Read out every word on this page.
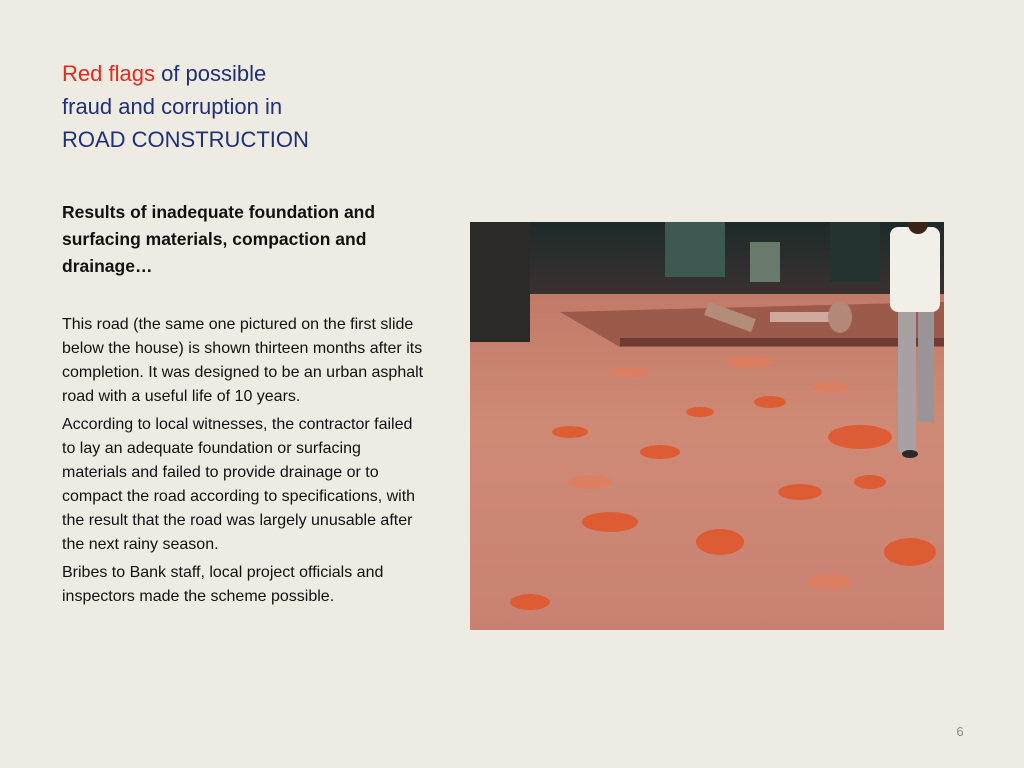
Red flags of possible
fraud and corruption in
ROAD CONSTRUCTION
Results of inadequate foundation and surfacing materials, compaction and drainage…

This road (the same one pictured on the first slide below the house) is shown thirteen months after its completion. It was designed to be an urban asphalt road with a useful life of 10 years.

According to local witnesses, the contractor failed to lay an adequate foundation or surfacing materials and failed to provide drainage or to compact the road according to specifications, with the result that the road was largely unusable after the next rainy season.

Bribes to Bank staff, local project officials and inspectors made the scheme possible.

6
